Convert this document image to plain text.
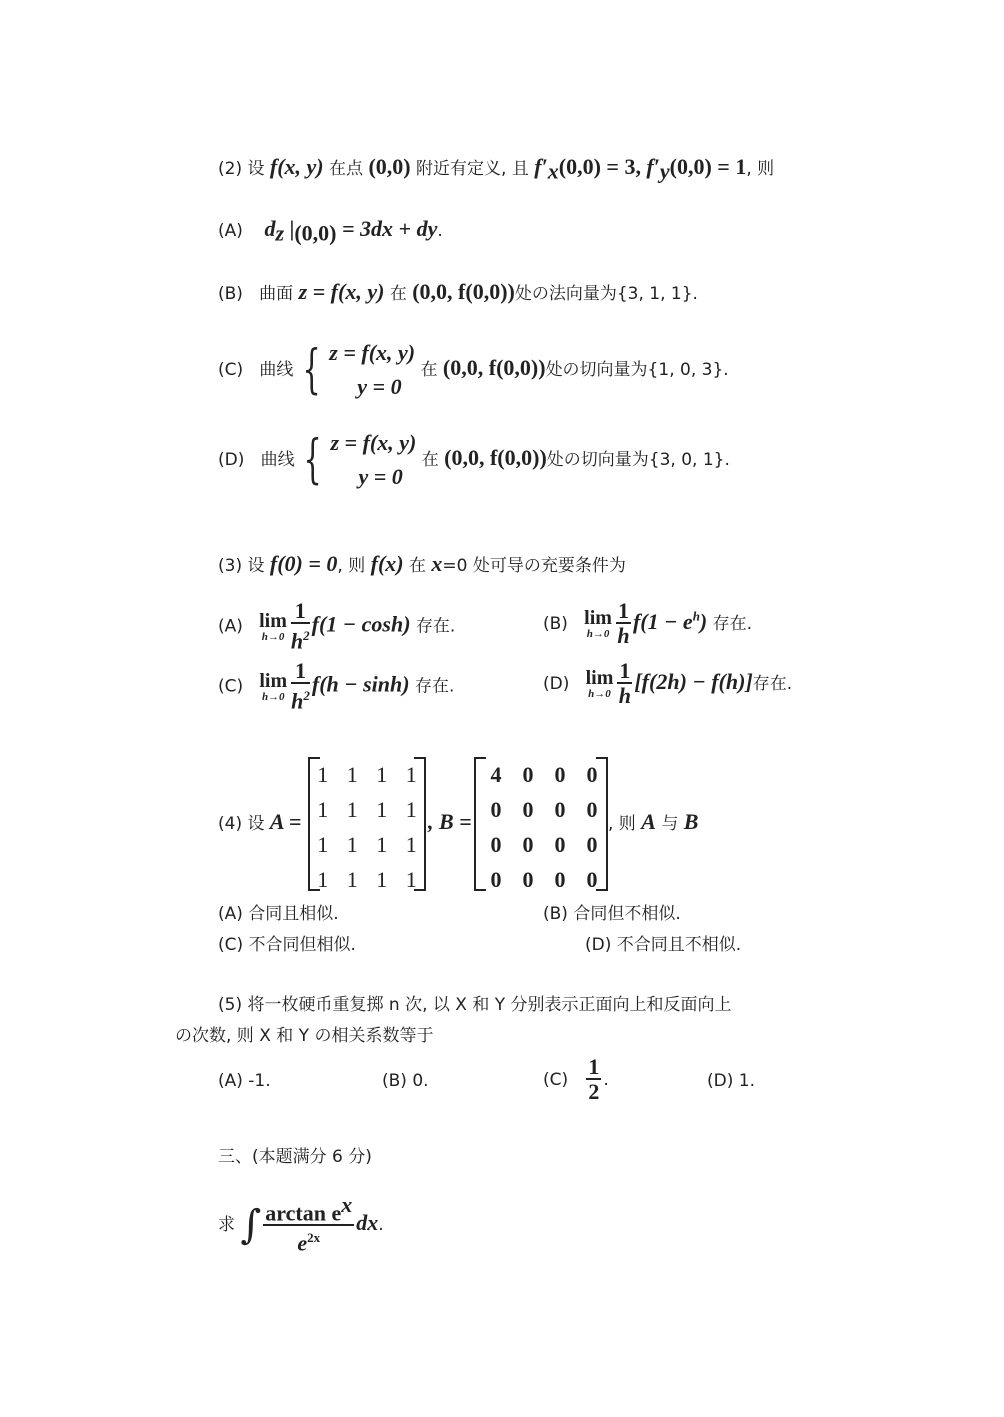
(2) 设 f(x, y) 在点 (0,0) 附近有定义, 且 $f'_x(0,0) = 3$, $f'_y(0,0) = 1$, 则
(A) $d_z$ $|_{(0,0)} = 3dx$ + dy.
(B) 曲面 z = f(x, y) 在 (0,0, f(0,0))处の法向量为{3, 1, 1}.
(C) 曲线 { z = f(x, y)
y = 0
在 (0,0, f(0,0))处の切向量为{1, 0, 3}.
(D) 曲线 { z = f(x, y)
y = 0
在 (0,0, f(0,0))处の切向量为{3, 0, 1}.
(3) 设 f(0) = 0, 则 f(x) 在 x=0 处可导の充要条件为
(A) lim
$h\to 0 \frac{1}{h^2} f(1 - \cosh)$ 存在.	(B) lim
$h\to 0 \frac{1}{h} f(1 - e^h)$ 存在.
(C) lim
$h\to 0 \frac{1}{h^2} f(h - \sinh)$ 存在.	(D) lim
$h\to 0 \frac{1}{h} [f(2h) - f(h)]$存在.
(4) 设 A =
1	1	1	1
1	1	1	1
1	1	1	1
1	1	1	1
, B =
4	0	0	0
0	0	0	0
0	0	0	0
0	0	0	0
, 则 A 与 B
(A) 合同且相似.	(B) 合同但不相似.
(C) 不合同但相似.	(D) 不合同且不相似.
(5) 将一枚硬币重复掷 n 次, 以 X 和 Y 分别表示正面向上和反面向上
の次数, 则 X 和 Y の相关系数等于
(A) -1.	(B) 0.	$(C) \frac{1}{2}$ .	(D) 1.
三、(本题满分 6 分)
求 ∫ $\frac{\arctan e^x}{e^{2x}}$ dx.
